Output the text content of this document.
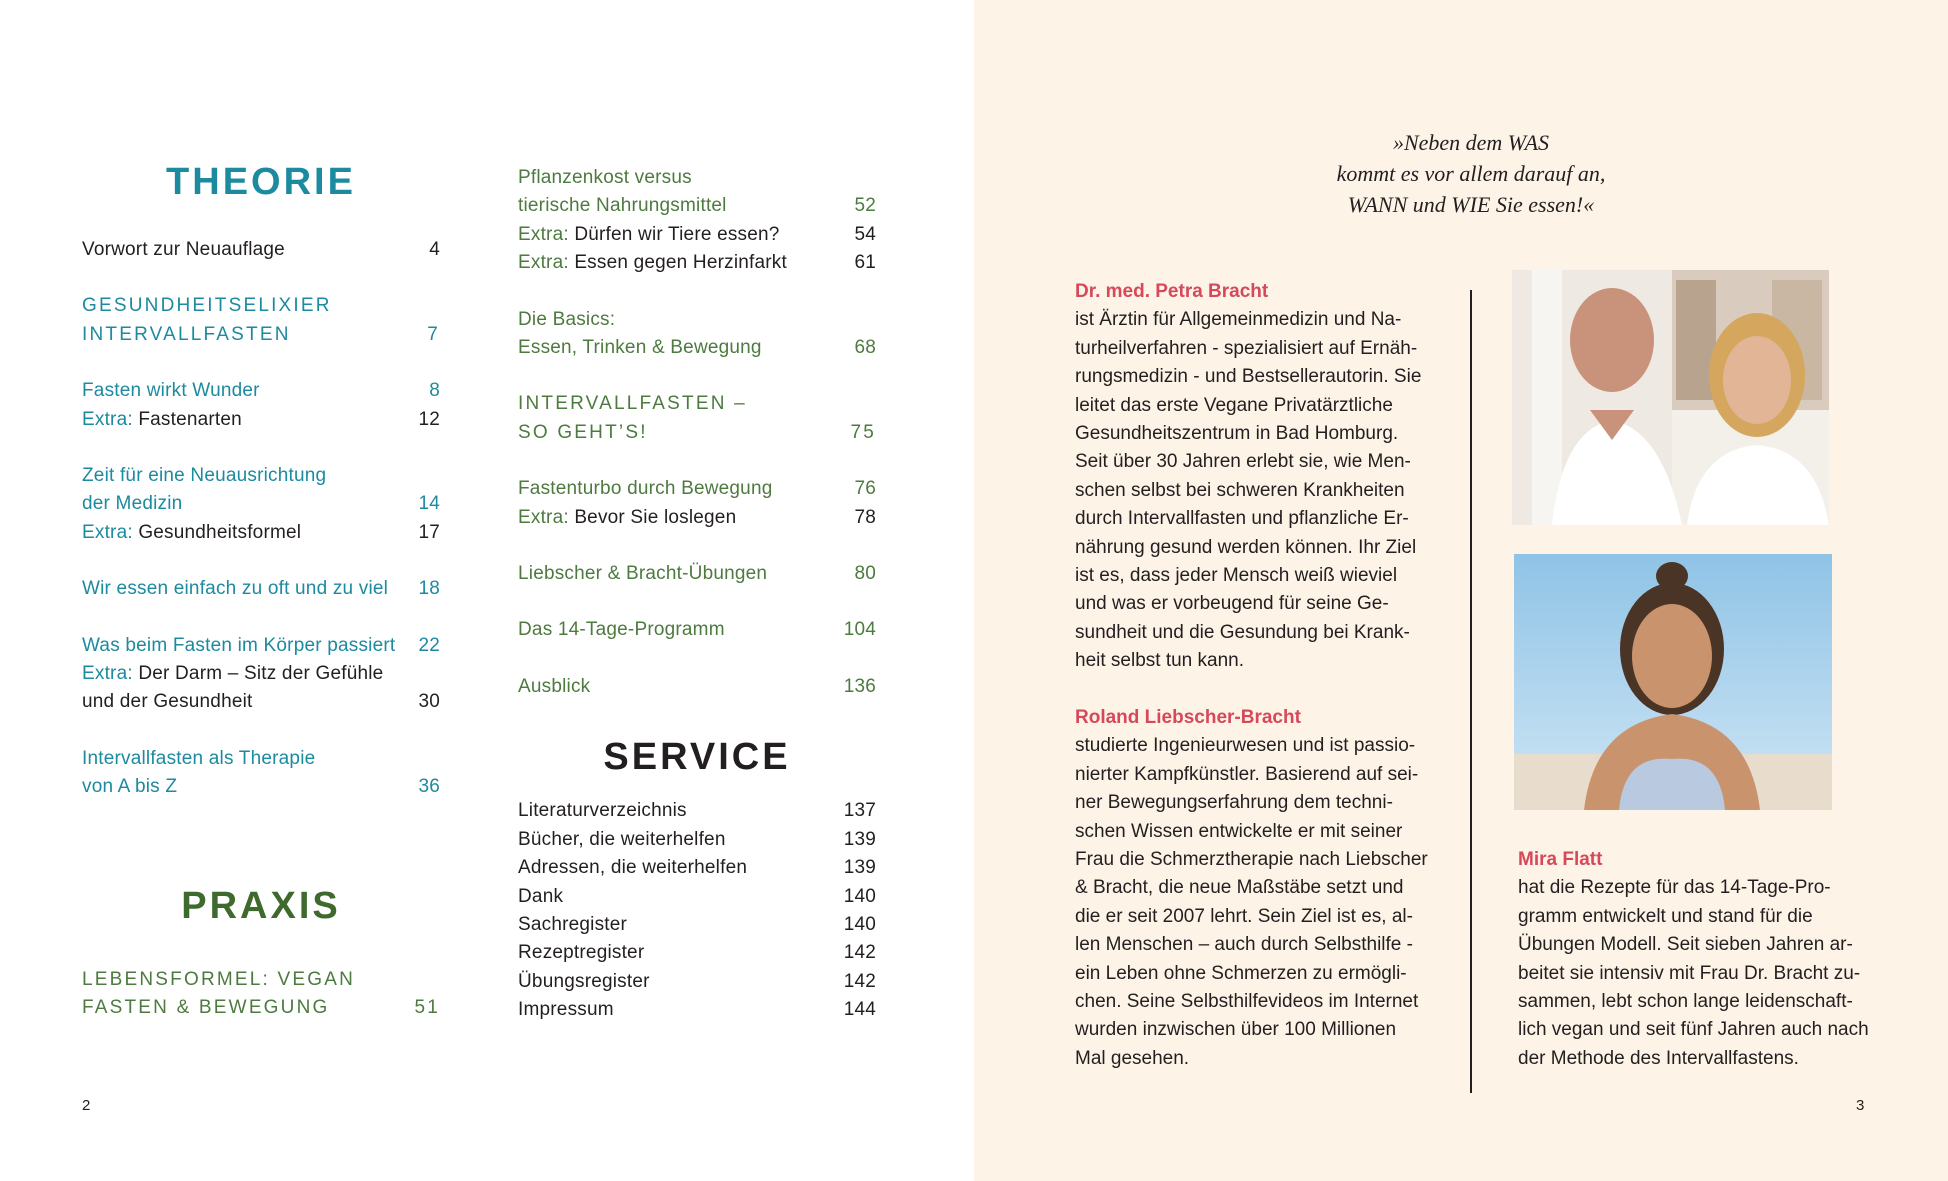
THEORIE
Vorwort zur Neuauflage	4
GESUNDHEITSELIXIER
INTERVALLFASTEN	7
Fasten wirkt Wunder	8
Extra: Fastenarten	12
Zeit für eine Neuausrichtung
der Medizin	14
Extra: Gesundheitsformel	17
Wir essen einfach zu oft und zu viel 18
Was beim Fasten im Körper passiert 22
Extra: Der Darm – Sitz der Gefühle
und der Gesundheit	30
Intervallfasten als Therapie
von A bis Z	36
PRAXIS
LEBENSFORMEL: VEGAN
FASTEN & BEWEGUNG	51
Pflanzenkost versus
tierische Nahrungsmittel	52
Extra: Dürfen wir Tiere essen?	54
Extra: Essen gegen Herzinfarkt	61
Die Basics:
Essen, Trinken & Bewegung	68
INTERVALLFASTEN –
SO GEHT’S!	75
Fastenturbo durch Bewegung	76
Extra: Bevor Sie loslegen	78
Liebscher & Bracht-Übungen	80
Das 14-Tage-Programm	104
Ausblick	136
SERVICE
Literaturverzeichnis	137
Bücher, die weiterhelfen	139
Adressen, die weiterhelfen	139
Dank	140
Sachregister	140
Rezeptregister	142
Übungsregister	142
Impressum	144
2	3
»Neben dem WAS
kommt es vor allem darauf an,
WANN und WIE Sie essen!«
Dr. med. Petra Bracht

ist Ärztin für Allgemeinmedizin und Na-
turheilverfahren - spezialisiert auf Ernäh-
rungsmedizin - und Bestsellerautorin. Sie
leitet das erste Vegane Privatärztliche
Gesundheitszentrum in Bad Homburg.
Seit über 30 Jahren erlebt sie, wie Men-
schen selbst bei schweren Krankheiten
durch Intervallfasten und pflanzliche Er-
nährung gesund werden können. Ihr Ziel
ist es, dass jeder Mensch weiß wieviel
und was er vorbeugend für seine Ge-
sundheit und die Gesundung bei Krank-
heit selbst tun kann.

Roland Liebscher-Bracht

studierte Ingenieurwesen und ist passio-
nierter Kampfkünstler. Basierend auf sei-
ner Bewegungserfahrung dem techni-
schen Wissen entwickelte er mit seiner
Frau die Schmerztherapie nach Liebscher
& Bracht, die neue Maßstäbe setzt und
die er seit 2007 lehrt. Sein Ziel ist es, al-
len Menschen – auch durch Selbsthilfe -
ein Leben ohne Schmerzen zu ermögli-
chen. Seine Selbsthilfevideos im Internet
wurden inzwischen über 100 Millionen
Mal gesehen.

Mira Flatt

hat die Rezepte für das 14-Tage-Pro-
gramm entwickelt und stand für die
Übungen Modell. Seit sieben Jahren ar-
beitet sie intensiv mit Frau Dr. Bracht zu-
sammen, lebt schon lange leidenschaft-
lich vegan und seit fünf Jahren auch nach
der Methode des Intervallfastens.
